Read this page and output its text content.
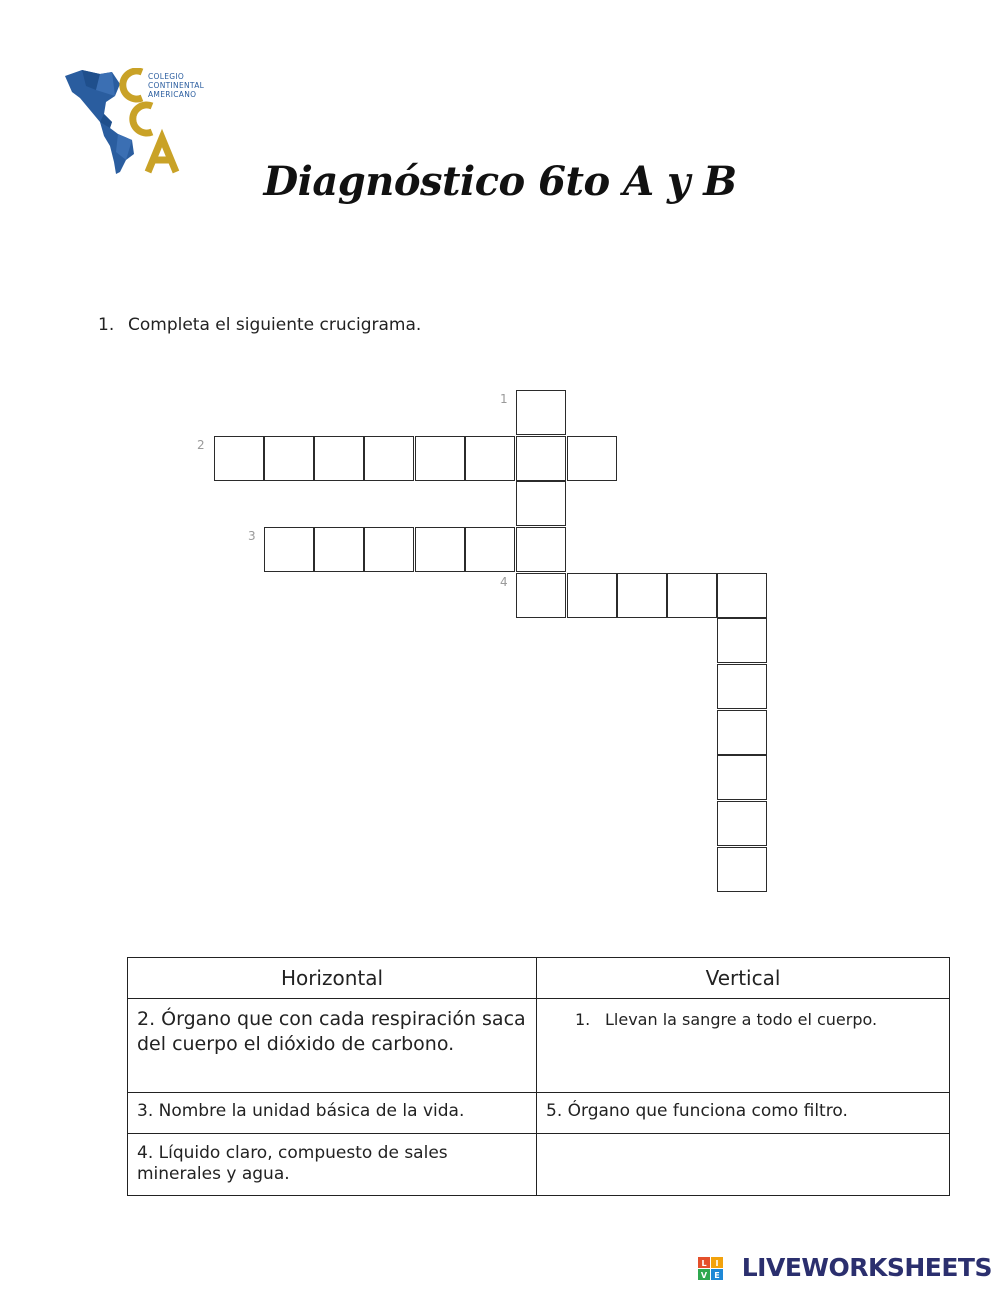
COLEGIO
CONTINENTAL
AMERICANO
Diagnóstico 6to A y B
1. Completa el siguiente crucigrama.
1
2
3
4
Horizontal	Vertical
2. Órgano que con cada respiración saca del cuerpo el dióxido de carbono.	1. Llevan la sangre a todo el cuerpo.

3. Nombre la unidad básica de la vida.	5. Órgano que funciona como filtro.
4. Líquido claro, compuesto de sales minerales y agua.	
L I
V E LIVEWORKSHEETS
